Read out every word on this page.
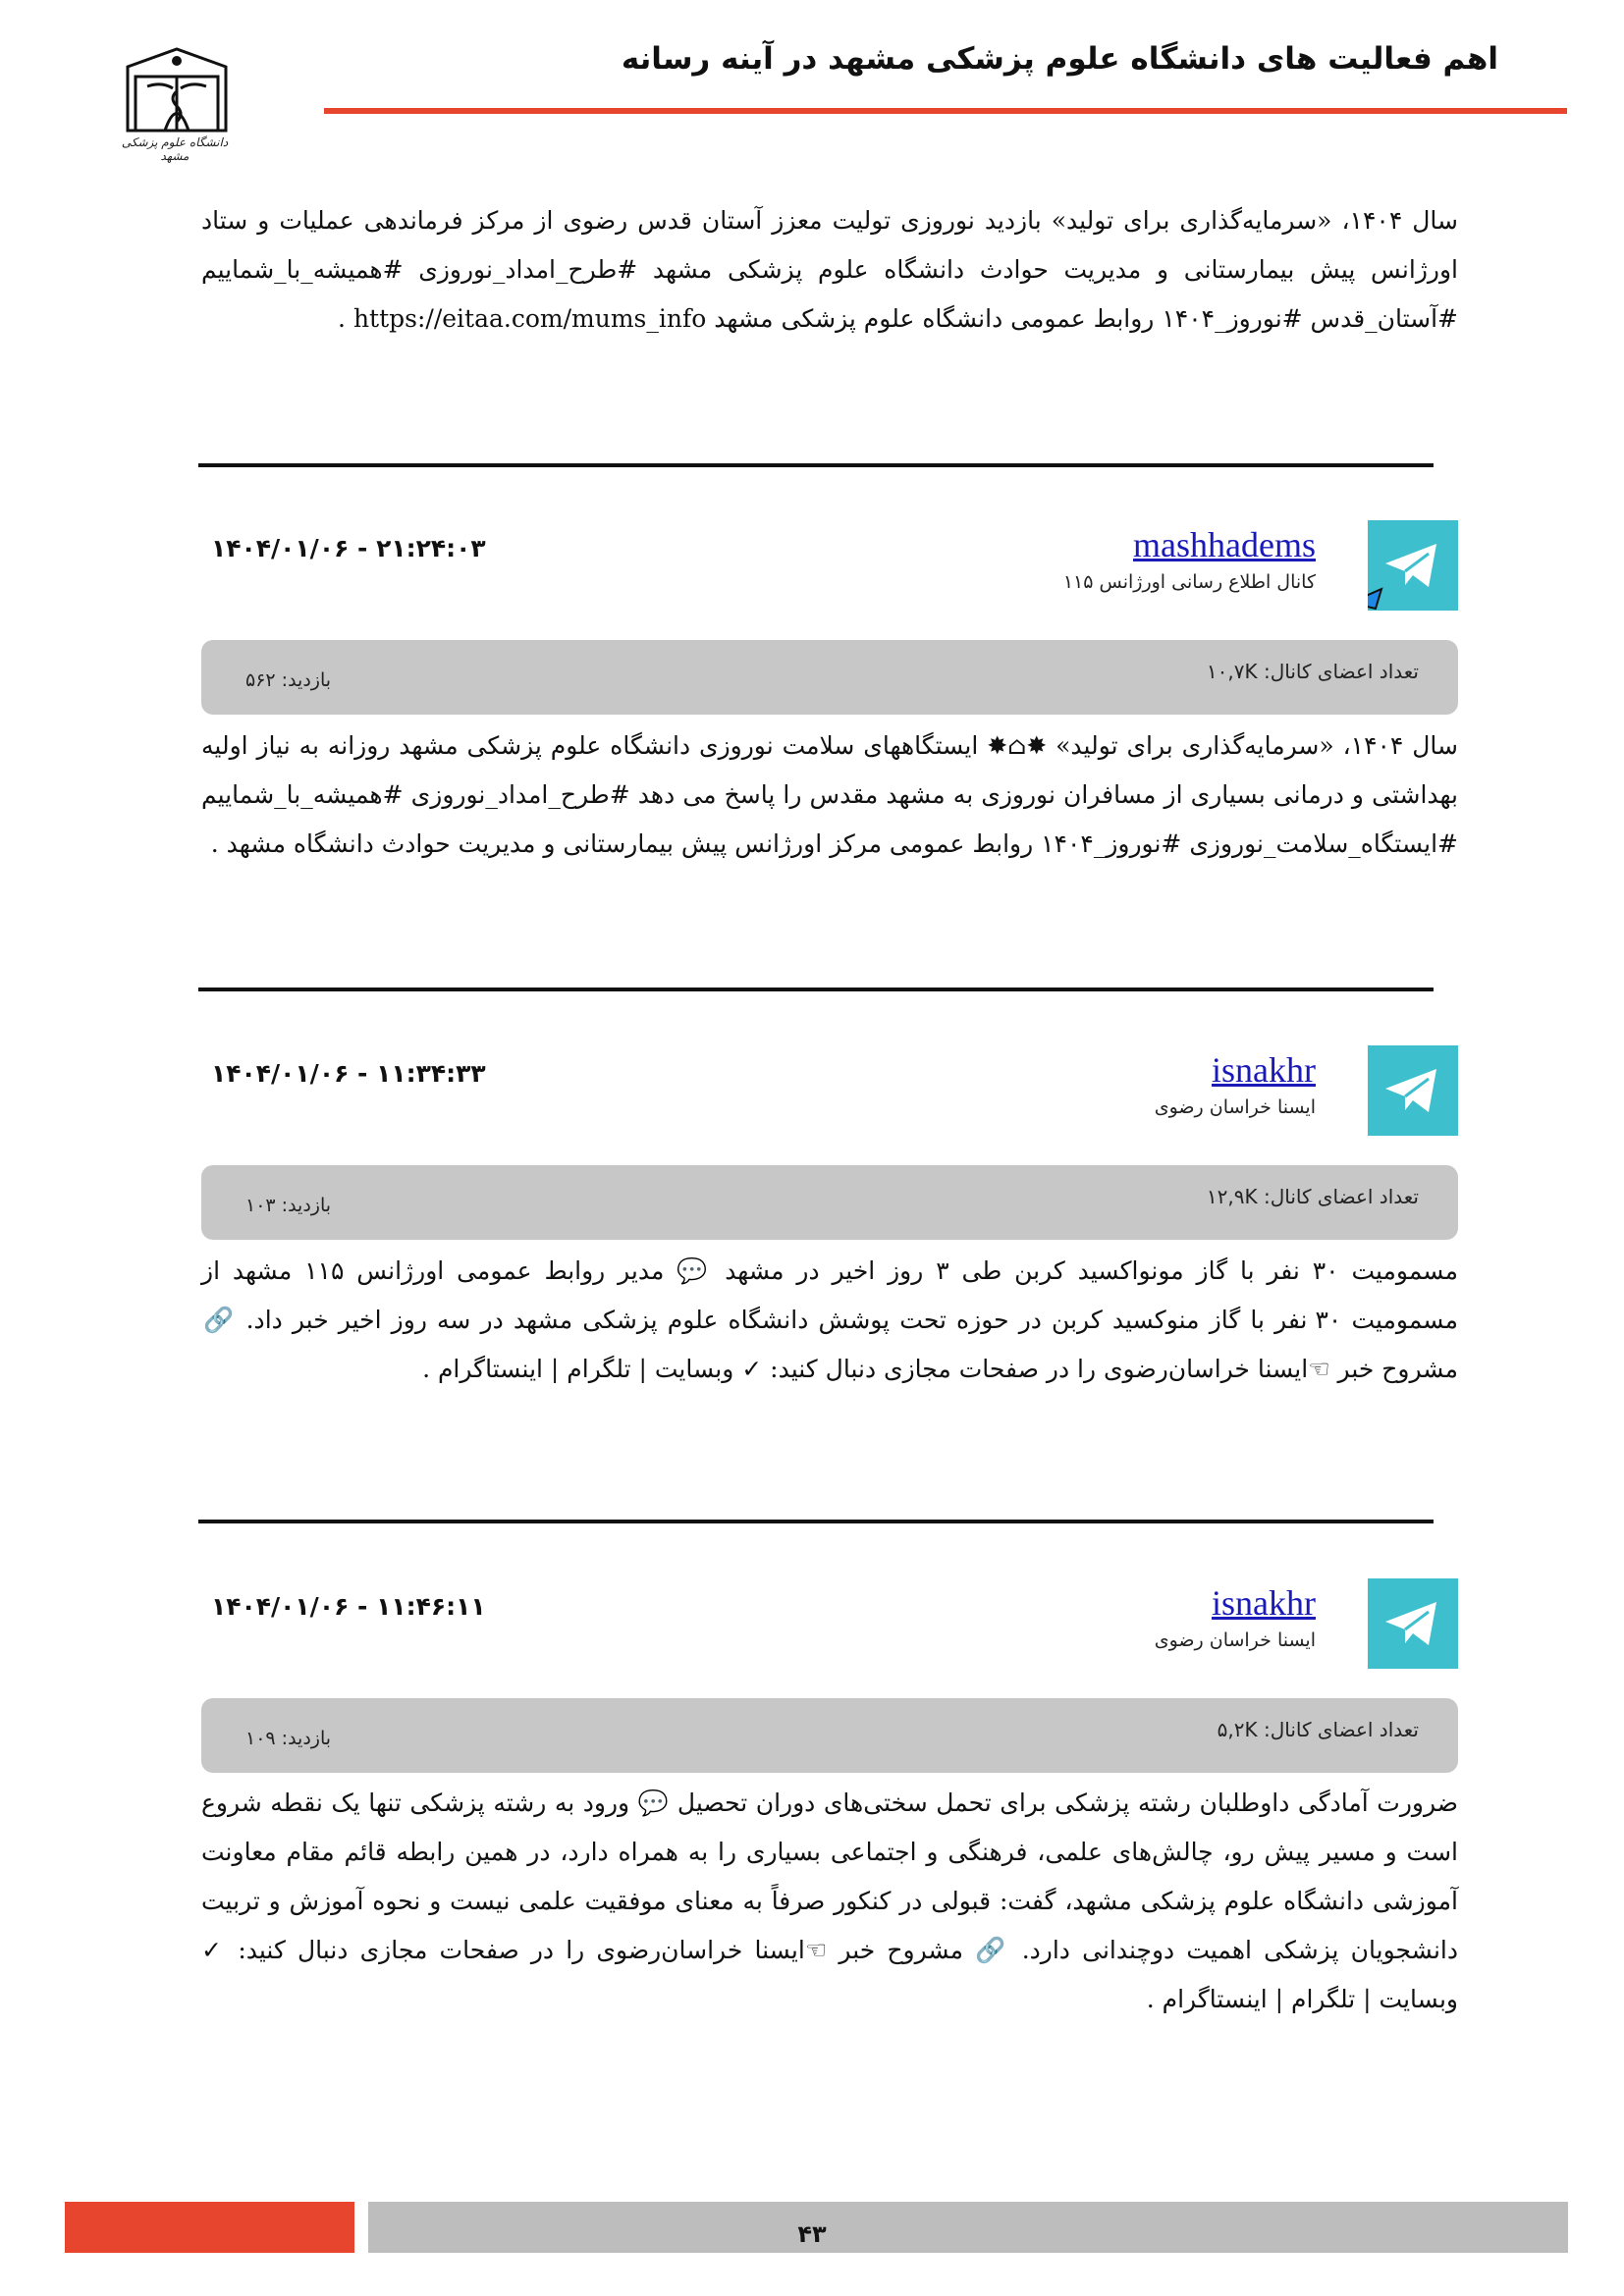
اهم فعالیت های دانشگاه علوم پزشکی مشهد در آینه رسانه
دانشگاه علوم پزشکی مشهد
سال ۱۴۰۴، «سرمایه‌گذاری برای تولید» بازدید نوروزی تولیت معزز آستان قدس رضوی از مرکز فرماندهی عملیات و ستاد اورژانس پیش بیمارستانی و مدیریت حوادث دانشگاه علوم پزشکی مشهد #طرح_امداد_نوروزی #همیشه_با_شماییم #آستان_قدس #نوروز_۱۴۰۴ روابط عمومی دانشگاه علوم پزشکی مشهد https://eitaa.com/mums_info .
mashhadems
کانال اطلاع رسانی اورژانس ۱۱۵
۱۴۰۴/۰۱/۰۶ - ۲۱:۲۴:۰۳
تعداد اعضای کانال: ۱۰,۷K
بازدید: ۵۶۲
سال ۱۴۰۴، «سرمایه‌گذاری برای تولید» ✸⌂✸ ایستگاههای سلامت نوروزی دانشگاه علوم پزشکی مشهد روزانه به نیاز اولیه بهداشتی و درمانی بسیاری از مسافران نوروزی به مشهد مقدس را پاسخ می دهد #طرح_امداد_نوروزی #همیشه_با_شماییم #ایستگاه_سلامت_نوروزی #نوروز_۱۴۰۴ روابط عمومی مرکز اورژانس پیش بیمارستانی و مدیریت حوادث دانشگاه مشهد .
isnakhr
ایسنا خراسان رضوی
۱۴۰۴/۰۱/۰۶ - ۱۱:۳۴:۳۳
تعداد اعضای کانال: ۱۲,۹K
بازدید: ۱۰۳
مسمومیت ۳۰ نفر با گاز مونواکسید کربن طی ۳ روز اخیر در مشهد 💬 مدیر روابط عمومی اورژانس ۱۱۵ مشهد از مسمومیت ۳۰ نفر با گاز منوکسید کربن در حوزه تحت پوشش دانشگاه علوم پزشکی مشهد در سه روز اخیر خبر داد. 🔗 مشروح خبر ☜ایسنا خراسان‌رضوی را در صفحات مجازی دنبال کنید: ✓ وبسایت | تلگرام | اینستاگرام .
isnakhr
ایسنا خراسان رضوی
۱۴۰۴/۰۱/۰۶ - ۱۱:۴۶:۱۱
تعداد اعضای کانال: ۵,۲K
بازدید: ۱۰۹
ضرورت آمادگی داوطلبان رشته پزشکی برای تحمل سختی‌های دوران تحصیل 💬 ورود به رشته پزشکی تنها یک نقطه شروع است و مسیر پیش رو، چالش‌های علمی، فرهنگی و اجتماعی بسیاری را به همراه دارد، در همین رابطه قائم مقام معاونت آموزشی دانشگاه علوم پزشکی مشهد، گفت: قبولی در کنکور صرفاً به معنای موفقیت علمی نیست و نحوه آموزش و تربیت دانشجویان پزشکی اهمیت دوچندانی دارد. 🔗 مشروح خبر ☜ایسنا خراسان‌رضوی را در صفحات مجازی دنبال کنید: ✓ وبسایت | تلگرام | اینستاگرام .
۴۳
